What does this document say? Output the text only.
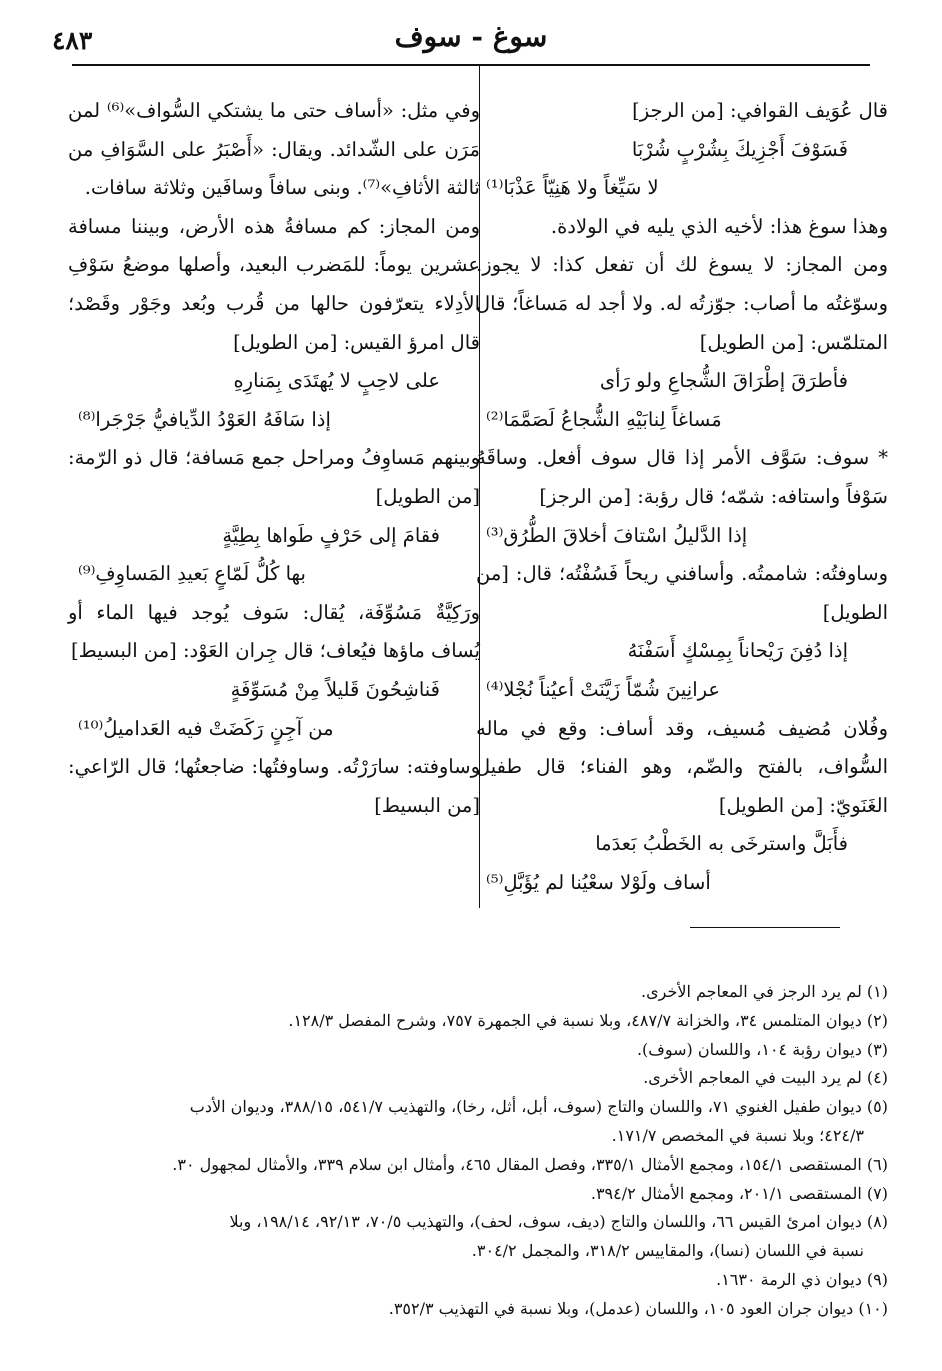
٤٨٣	سوغ - سوف

قال عُوَيف القوافي: [من الرجز]

فَسَوْفَ أَجْزِيكَ بِشُرْبٍ شُرْبَا

لا سَيِّغاً ولا هَنِيّاً عَذْبَا⁽¹⁾

وهذا سوغ هذا: لأخيه الذي يليه في الولادة.

ومن المجاز: لا يسوغ لك أن تفعل كذا: لا يجوز. وسوّغتُه ما أصاب: جوّزتُه له. ولا أجد له مَساغاً؛ قال المتلمّس: [من الطويل]

فأطرَقَ إطْرَاقَ الشُّجاعِ ولو رَأى

مَساغاً لِنابَيْهِ الشُّجاعُ لَصَمَّمَا⁽²⁾

* سوف: سَوَّف الأمر إذا قال سوف أفعل. وساقَهُ سَوْفاً واستافه: شمّه؛ قال رؤبة: [من الرجز]

إذا الدَّليلُ اسْتافَ أخلاقَ الطُّرُق⁽³⁾

وساوفتُه: شاممتُه. وأسافني ريحاً فَسُفْتُه؛ قال: [من الطويل]

إذا دُفِنَ رَيْحاناً بِمِسْكٍ أَسَفْنَهُ

عرانِينَ شُمّاً زَيَّنَتْ أعيُناً نُجْلا⁽⁴⁾

وفُلان مُضيف مُسيف، وقد أساف: وقع في ماله السُّواف، بالفتح والضّم، وهو الفناء؛ قال طفيل الغَنَويّ: [من الطويل]

فأَبَلَّ واسترخَى به الخَطْبُ بَعدَما

أساف ولَوْلا سعْيُنا لم يُؤَبَّلِ⁽⁵⁾

وفي مثل: «أساف حتى ما يشتكي السُّواف»⁽⁶⁾ لمن مَرَن على الشّدائد. ويقال: «أَصْبَرُ على السَّوَافِ من ثالثة الأثافِ»⁽⁷⁾. وبنى سافاً وسافَين وثلاثة سافات.

ومن المجاز: كم مسافةُ هذه الأرض، وبيننا مسافة عشرين يوماً: للمَضرب البعيد، وأصلها موضعُ سَوْفِ الأدِلاء يتعرّفون حالها من قُرب وبُعد وجَوْر وقَصْد؛ قال امرؤ القيس: [من الطويل]

على لاحِبٍ لا يُهتَدَى بِمَنارِهِ

إذا سَافَهُ العَوْدُ الدِّيافيُّ جَرْجَرا⁽⁸⁾

وبينهم مَساوِفُ ومراحل جمع مَسافة؛ قال ذو الرّمة: [من الطويل]

فقامَ إلى حَرْفٍ طَواها بِطِيَّةٍ

بها كُلُّ لَمّاعٍ بَعيدِ المَساوِفِ⁽⁹⁾

ورَكِيَّةٌ مَسُوِّفَة، يُقال: سَوف يُوجد فيها الماء أو يُساف ماؤها فيُعاف؛ قال جِران العَوْد: [من البسيط]

فَناشِحُونَ قَليلاً مِنْ مُسَوِّفَةٍ

من آجِنٍ رَكَضَتْ فيه العَداميلُ⁽¹⁰⁾

وساوفته: سارَرْتُه. وساوفتُها: ضاجعتُها؛ قال الرّاعي: [من البسيط]

(١) لم يرد الرجز في المعاجم الأخرى.

(٢) ديوان المتلمس ٣٤، والخزانة ٤٨٧/٧، وبلا نسبة في الجمهرة ٧٥٧، وشرح المفصل ١٢٨/٣.

(٣) ديوان رؤبة ١٠٤، واللسان (سوف).

(٤) لم يرد البيت في المعاجم الأخرى.

(٥) ديوان طفيل الغنوي ٧١، واللسان والتاج (سوف، أبل، أثل، رخا)، والتهذيب ٥٤١/٧، ٣٨٨/١٥، وديوان الأدب

٤٢٤/٣؛ وبلا نسبة في المخصص ١٧١/٧.

(٦) المستقصى ١٥٤/١، ومجمع الأمثال ٣٣٥/١، وفصل المقال ٤٦٥، وأمثال ابن سلام ٣٣٩، والأمثال لمجهول ٣٠.

(٧) المستقصى ٢٠١/١، ومجمع الأمثال ٣٩٤/٢.

(٨) ديوان امرئ القيس ٦٦، واللسان والتاج (ديف، سوف، لحف)، والتهذيب ٧٠/٥، ٩٢/١٣، ١٩٨/١٤، وبلا

نسبة في اللسان (نسا)، والمقاييس ٣١٨/٢، والمجمل ٣٠٤/٢.

(٩) ديوان ذي الرمة ١٦٣٠.

(١٠) ديوان جران العود ١٠٥، واللسان (عدمل)، وبلا نسبة في التهذيب ٣٥٢/٣.
